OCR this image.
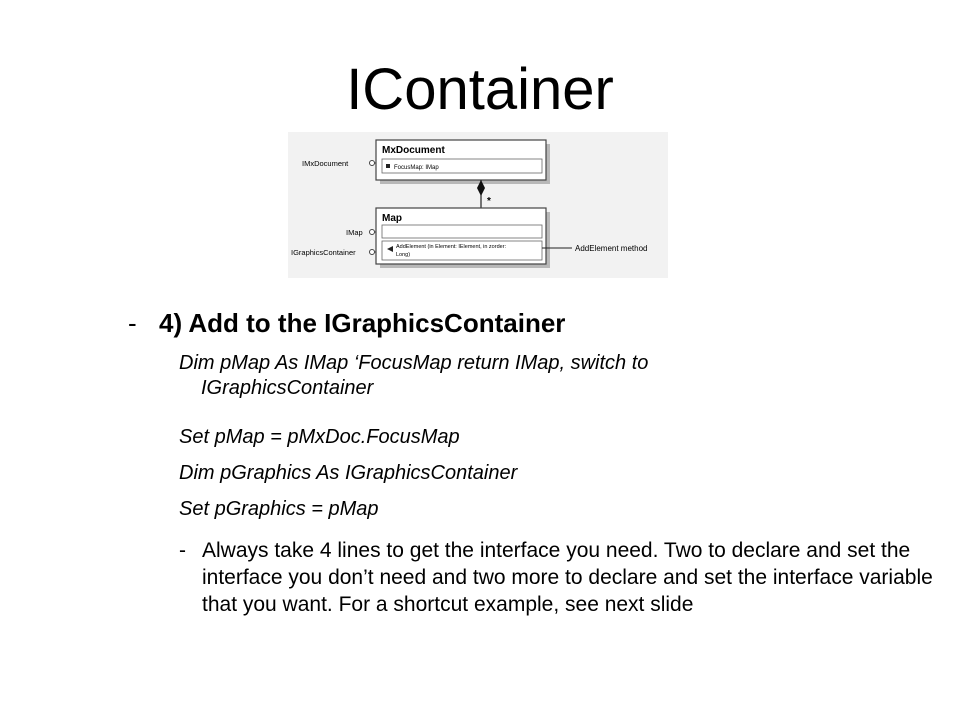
IContainer
MxDocument
FocusMap: IMap
IMxDocument
*
Map
AddElement (in Element: IElement, in zorder:
Long)
IMap
IGraphicsContainer	AddElement method
- 4) Add to the IGraphicsContainer
Dim pMap As IMap ‘FocusMap return IMap, switch to IGraphicsContainer
Set pMap = pMxDoc.FocusMap
Dim pGraphics As IGraphicsContainer
Set pGraphics = pMap
- Always take 4 lines to get the interface you need. Two to declare and set the interface you don’t need and two more to declare and set the interface variable that you want. For a shortcut example, see next slide
